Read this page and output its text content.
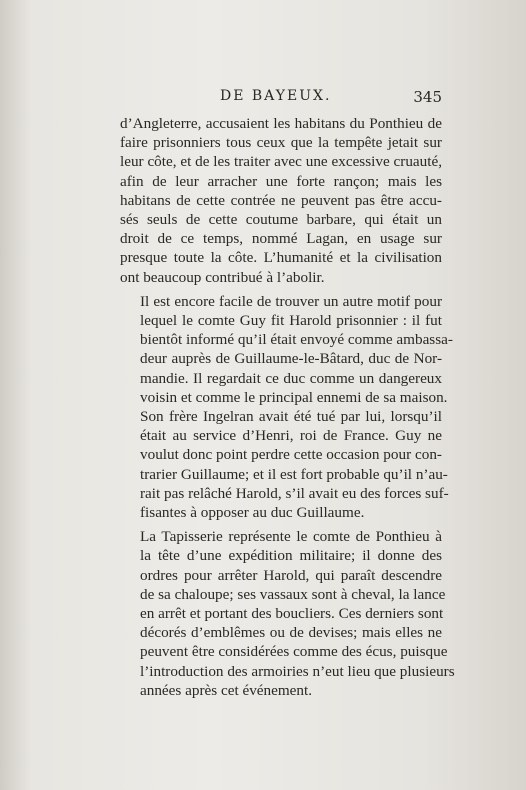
DE BAYEUX.	345

d’Angleterre, accusaient les habitans du Ponthieu de
faire prisonniers tous ceux que la tempête jetait sur
leur côte, et de les traiter avec une excessive cruauté,
afin de leur arracher une forte rançon; mais les
habitans de cette contrée ne peuvent pas être accu-
sés seuls de cette coutume barbare, qui était un
droit de ce temps, nommé Lagan, en usage sur
presque toute la côte. L’humanité et la civilisation
ont beaucoup contribué à l’abolir.

Il est encore facile de trouver un autre motif pour
lequel le comte Guy fit Harold prisonnier : il fut
bientôt informé qu’il était envoyé comme ambassa-
deur auprès de Guillaume-le-Bâtard, duc de Nor-
mandie. Il regardait ce duc comme un dangereux
voisin et comme le principal ennemi de sa maison.
Son frère Ingelran avait été tué par lui, lorsqu’il
était au service d’Henri, roi de France. Guy ne
voulut donc point perdre cette occasion pour con-
trarier Guillaume; et il est fort probable qu’il n’au-
rait pas relâché Harold, s’il avait eu des forces suf-
fisantes à opposer au duc Guillaume.

La Tapisserie représente le comte de Ponthieu à
la tête d’une expédition militaire; il donne des
ordres pour arrêter Harold, qui paraît descendre
de sa chaloupe; ses vassaux sont à cheval, la lance
en arrêt et portant des boucliers. Ces derniers sont
décorés d’emblêmes ou de devises; mais elles ne
peuvent être considérées comme des écus, puisque
l’introduction des armoiries n’eut lieu que plusieurs
années après cet événement.
